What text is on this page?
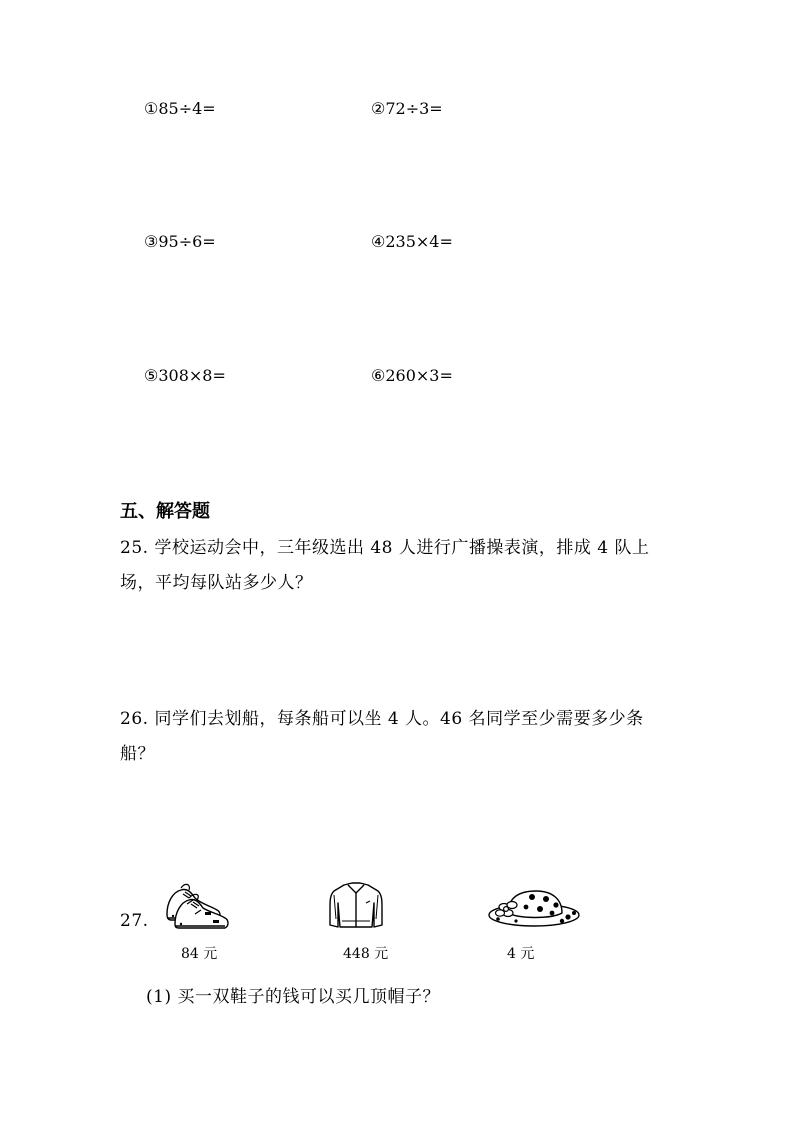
①85÷4=	②72÷3=
③95÷6=	④235×4=
⑤308×8=	⑥260×3=
五、解答题
25. 学校运动会中，三年级选出 48 人进行广播操表演，排成 4 队上
场，平均每队站多少人？
26. 同学们去划船，每条船可以坐 4 人。46 名同学至少需要多少条
船？
27.
84 元	448 元	4 元
(1) 买一双鞋子的钱可以买几顶帽子？
